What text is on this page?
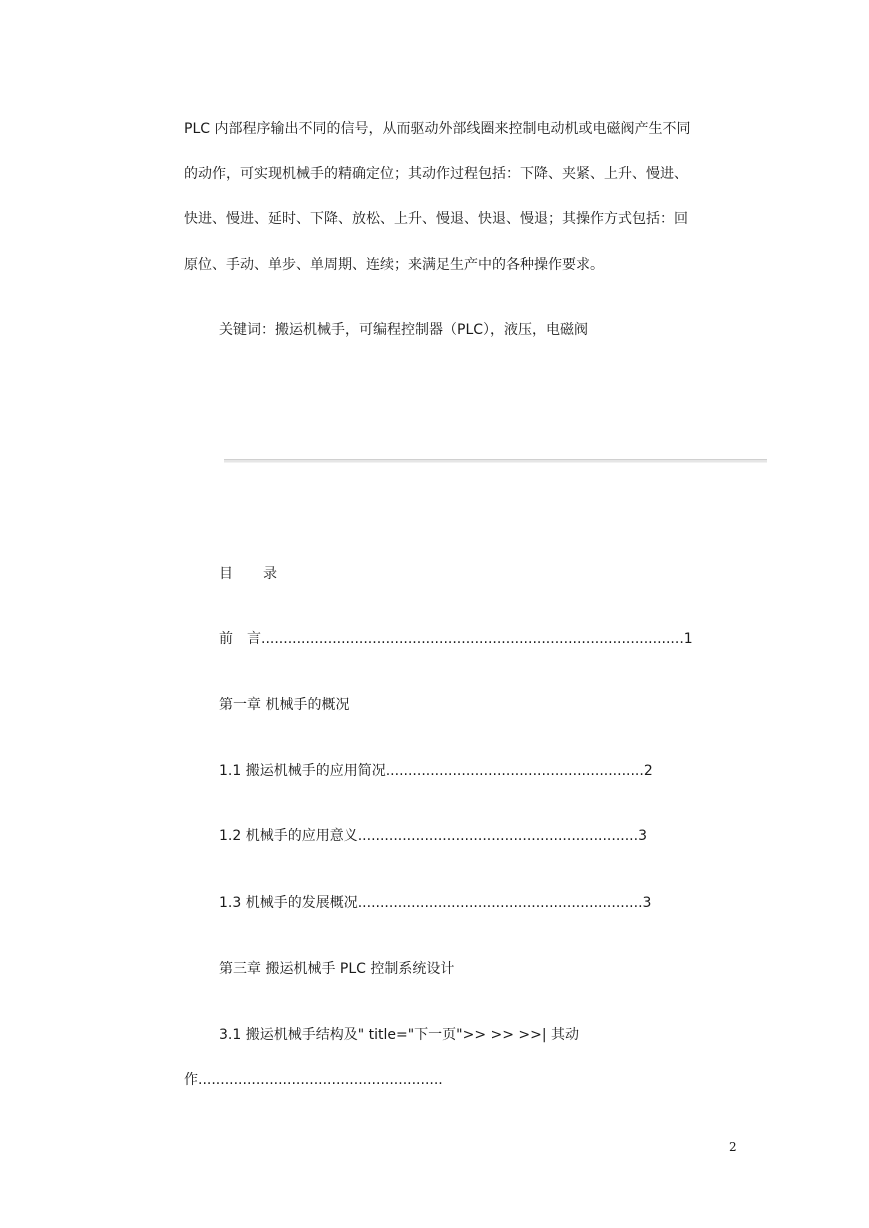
PLC 内部程序输出不同的信号，从而驱动外部线圈来控制电动机或电磁阀产生不同
的动作，可实现机械手的精确定位；其动作过程包括：下降、夹紧、上升、慢进、
快进、慢进、延时、下降、放松、上升、慢退、快退、慢退；其操作方式包括：回
原位、手动、单步、单周期、连续；来满足生产中的各种操作要求。
关键词：搬运机械手，可编程控制器（PLC），液压，电磁阀
目 录
前　言...............................................................................................1
第一章 机械手的概况
1.1 搬运机械手的应用简况..........................................................2
1.2 机械手的应用意义...............................................................3
1.3 机械手的发展概况................................................................3
第三章 搬运机械手 PLC 控制系统设计
3.1 搬运机械手结构及" title="下一页">> >> >>| 其动
作.......................................................
2
